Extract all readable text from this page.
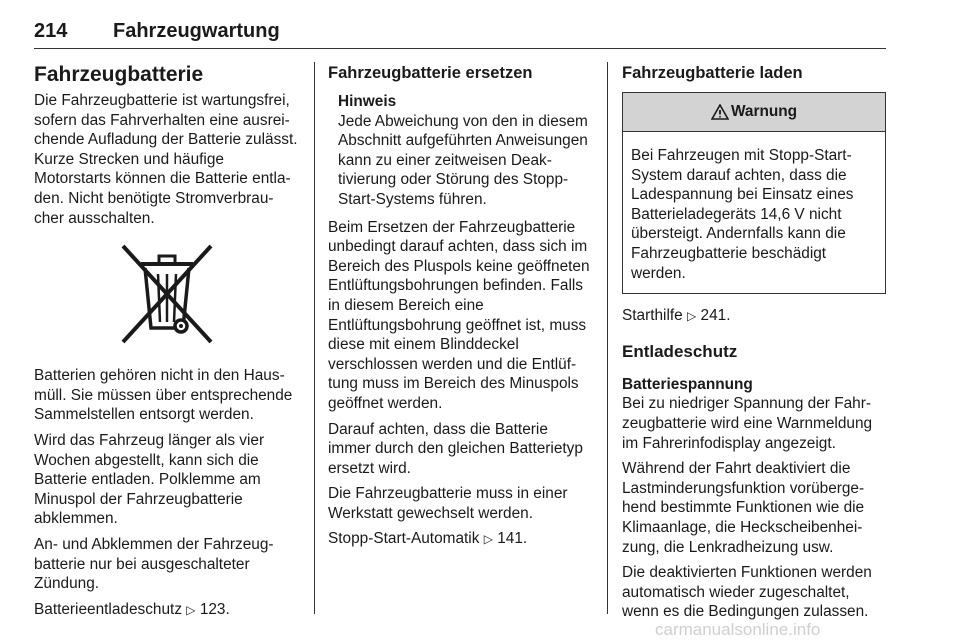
214 Fahrzeugwartung
Fahrzeugbatterie

Die Fahrzeugbatterie ist wartungsfrei, sofern das Fahrverhalten eine ausreichende Aufladung der Batterie zulässt. Kurze Strecken und häufige Motorstarts können die Batterie entladen. Nicht benötigte Stromverbraucher ausschalten.

Batterien gehören nicht in den Hausmüll. Sie müssen über entsprechende Sammelstellen entsorgt werden.

Wird das Fahrzeug länger als vier Wochen abgestellt, kann sich die Batterie entladen. Polklemme am Minuspol der Fahrzeugbatterie abklemmen.

An- und Abklemmen der Fahrzeugbatterie nur bei ausgeschalteter Zündung.

Batterieentladeschutz ▷ 123.

Fahrzeugbatterie ersetzen
Hinweis
Jede Abweichung von den in diesem Abschnitt aufgeführten Anweisungen kann zu einer zeitweisen Deaktivierung oder Störung des Stopp-Start-Systems führen.

Beim Ersetzen der Fahrzeugbatterie unbedingt darauf achten, dass sich im Bereich des Pluspols keine geöffneten Entlüftungsbohrungen befinden. Falls in diesem Bereich eine Entlüftungsbohrung geöffnet ist, muss diese mit einem Blinddeckel verschlossen werden und die Entlüftung muss im Bereich des Minuspols geöffnet werden.

Darauf achten, dass die Batterie immer durch den gleichen Batterietyp ersetzt wird.

Die Fahrzeugbatterie muss in einer Werkstatt gewechselt werden.

Stopp-Start-Automatik ▷ 141.

Fahrzeugbatterie laden
Warnung
Bei Fahrzeugen mit Stopp-Start-System darauf achten, dass die Ladespannung bei Einsatz eines Batterieladegeräts 14,6 V nicht übersteigt. Andernfalls kann die Fahrzeugbatterie beschädigt werden.

Starthilfe ▷ 241.

Entladeschutz
Batteriespannung

Bei zu niedriger Spannung der Fahrzeugbatterie wird eine Warnmeldung im Fahrerinfodisplay angezeigt.

Während der Fahrt deaktiviert die Lastminderungsfunktion vorübergehend bestimmte Funktionen wie die Klimaanlage, die Heckscheibenheizung, die Lenkradheizung usw.

Die deaktivierten Funktionen werden automatisch wieder zugeschaltet, wenn es die Bedingungen zulassen.

carmanualsonline.info
